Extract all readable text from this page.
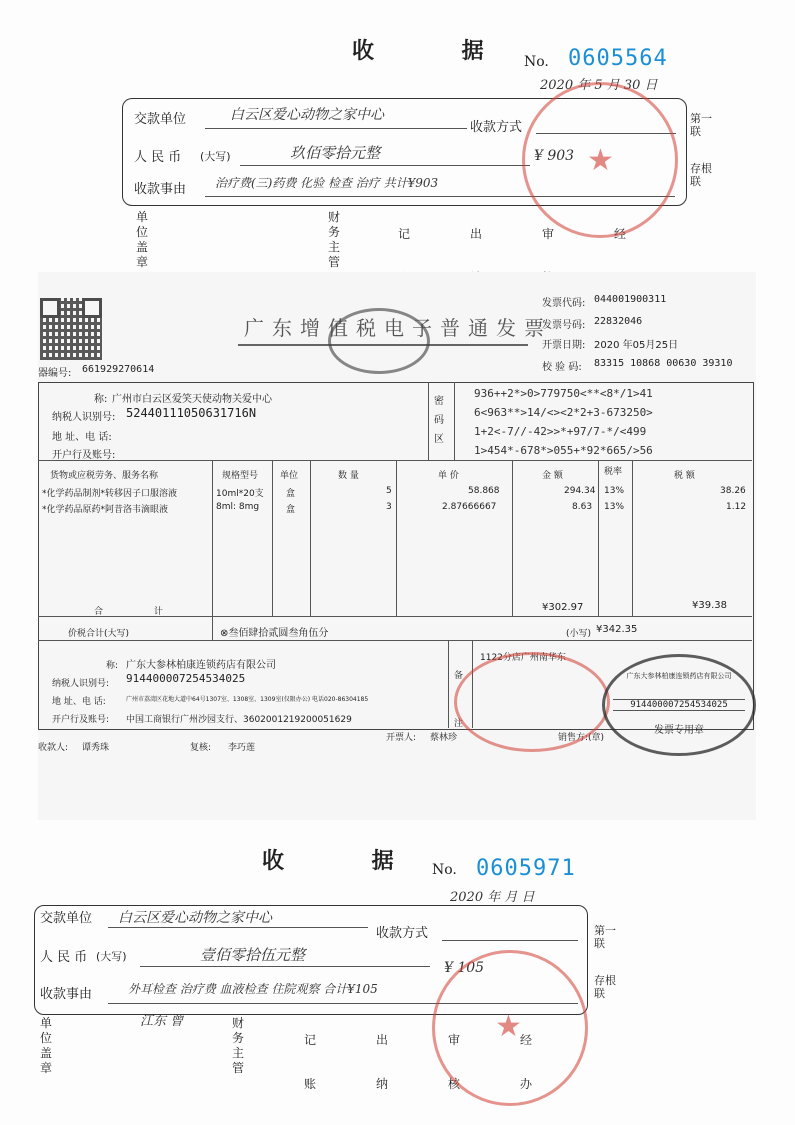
收 据 No. 0605564
2020 年 5 月 30 日
交款单位	白云区爱心动物之家中心
收款方式
人 民 币 (大写)	玖佰零拾元整	¥ 903
收款事由 治疗费(三)药费 化验 检查 治疗 共计¥903
第一联
存根联
单位盖章
财务主管
记	出	审	经
★
器编号: 661929270614
广东增值税电子普通发票
发票代码: 044001900311
发票号码: 22832046
开票日期: 2020 年05月25日
校 验 码: 83315 10868 00630 39310
密码区
称: 广州市白云区爱笑天使动物关爱中心
纳税人识别号: 52440111050631716N
地 址、电 话:
开户行及账号:
936++2*>0>779750<**<8*/1>41
6<963**>14/<><2*2+3-673250>
1+2<-7//-42>>*+97/7-*/<499
1>454*-678*>055+*92*665/>56
货物或应税劳务、服务名称	规格型号 单位	数 量	单 价	金 额	税率	税 额
*化学药品制剂*转移因子口服溶液	10ml*20支 盒	5	58.868	294.34 13%	38.26
*化学药品原药*阿昔洛韦滴眼液	8ml: 8mg	盒	3	2.87666667	8.63 13%	1.12
合 计	¥302.97	¥39.38
价税合计(大写)	⊗叁佰肆拾贰圆叁角伍分	(小写) ¥342.35
称: 广东大参林柏康连锁药店有限公司
纳税人识别号: 914400007254534025
地 址、电 话:	广州市荔湾区花地大道中64号1307室、1308室、1309室(仅限办公) 电话020-86304185
开户行及账号: 中国工商银行广州沙园支行、3602001219200051629
备注
1122分店广州南华东
收款人: 谭秀珠	复核: 李巧莲
开票人: 蔡林珍	销售方:(章)
广东大参林柏康连锁药店有限公司
914400007254534025
发票专用章
收 据
No. 0605971
2020 年 月 日
交款单位 白云区爱心动物之家中心
收款方式
人 民 币 (大写)	壹佰零拾伍元整
¥ 105
收款事由	外耳检查 治疗费 血液检查 住院观察 合计¥105
江东 曾
第一联
存根联
单位盖章
财务主管
记账
出纳
审核
经办
★
